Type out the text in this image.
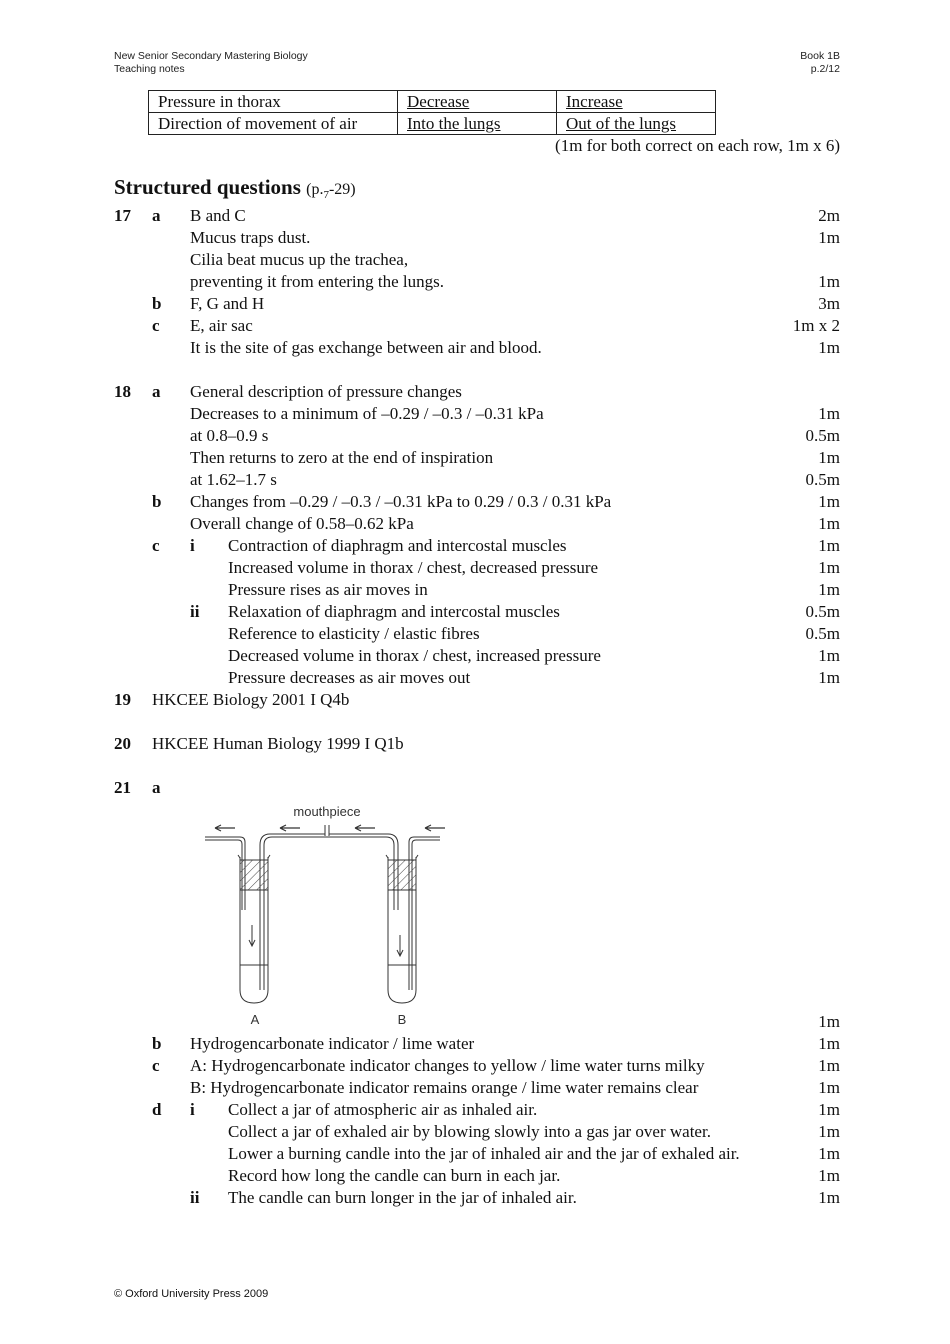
New Senior Secondary Mastering Biology
Teaching notes
Book 1B
p.2/12
Pressure in thorax	Decrease	Increase
Direction of movement of air	Into the lungs	Out of the lungs
(1m for both correct on each row, 1m x 6)
Structured questions $(p._7-29)$
17 a B and C	2m
Mucus traps dust.	1m
Cilia beat mucus up the trachea,
preventing it from entering the lungs.	1m
b F, G and H	3m
c E, air sac	1m x 2
It is the site of gas exchange between air and blood.	1m
18 a General description of pressure changes
Decreases to a minimum of –0.29 / –0.3 / –0.31 kPa	1m
at 0.8–0.9 s	0.5m
Then returns to zero at the end of inspiration	1m
at 1.62–1.7 s	0.5m
b Changes from –0.29 / –0.3 / –0.31 kPa to 0.29 / 0.3 / 0.31 kPa	1m
Overall change of 0.58–0.62 kPa	1m
c i Contraction of diaphragm and intercostal muscles	1m
Increased volume in thorax / chest, decreased pressure	1m
Pressure rises as air moves in	1m
ii Relaxation of diaphragm and intercostal muscles	0.5m
Reference to elasticity / elastic fibres	0.5m
Decreased volume in thorax / chest, increased pressure	1m
Pressure decreases as air moves out	1m
19 HKCEE Biology 2001 I Q4b
20 HKCEE Human Biology 1999 I Q1b
21 a
mouthpiece
A	B	1m
b Hydrogencarbonate indicator / lime water	1m
c A: Hydrogencarbonate indicator changes to yellow / lime water turns milky	1m
B: Hydrogencarbonate indicator remains orange / lime water remains clear	1m
d i Collect a jar of atmospheric air as inhaled air.	1m
Collect a jar of exhaled air by blowing slowly into a gas jar over water.	1m
Lower a burning candle into the jar of inhaled air and the jar of exhaled air.	1m
Record how long the candle can burn in each jar.	1m
ii The candle can burn longer in the jar of inhaled air.	1m
© Oxford University Press 2009
